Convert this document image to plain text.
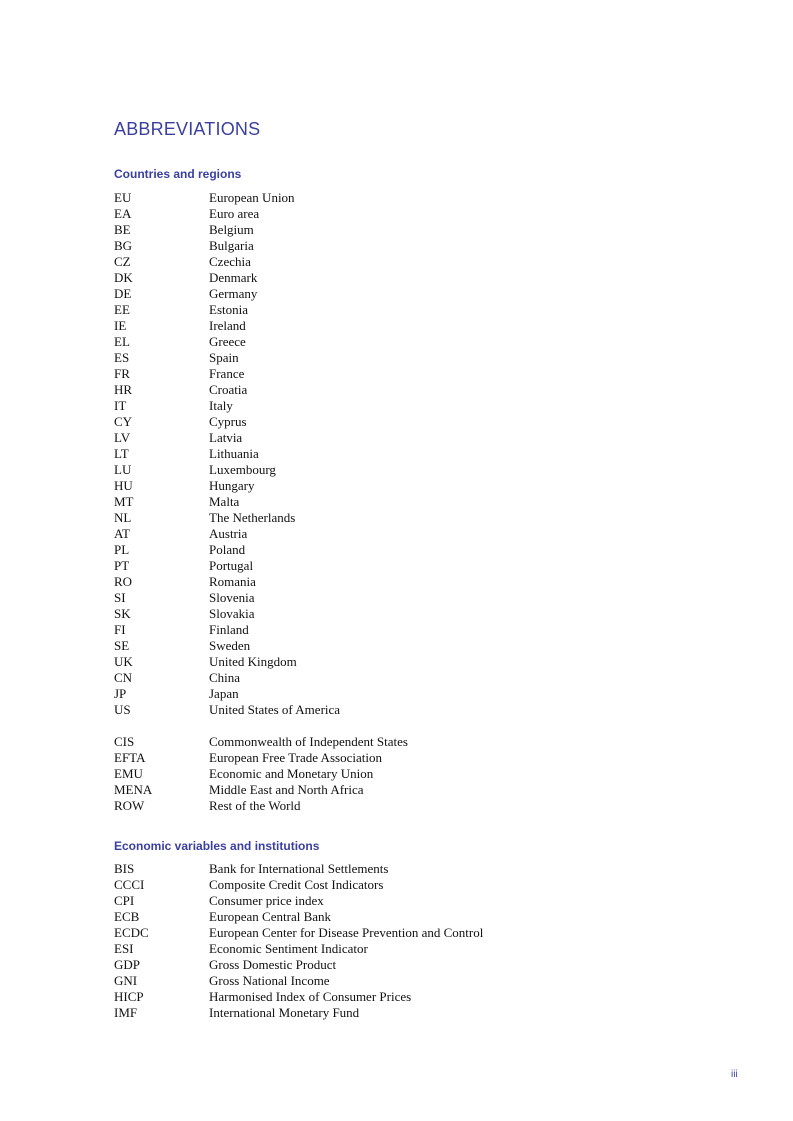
ABBREVIATIONS
Countries and regions
EU	European Union
EA	Euro area
BE	Belgium
BG	Bulgaria
CZ	Czechia
DK	Denmark
DE	Germany
EE	Estonia
IE	Ireland
EL	Greece
ES	Spain
FR	France
HR	Croatia
IT	Italy
CY	Cyprus
LV	Latvia
LT	Lithuania
LU	Luxembourg
HU	Hungary
MT	Malta
NL	The Netherlands
AT	Austria
PL	Poland
PT	Portugal
RO	Romania
SI	Slovenia
SK	Slovakia
FI	Finland
SE	Sweden
UK	United Kingdom
CN	China
JP	Japan
US	United States of America
CIS	Commonwealth of Independent States
EFTA	European Free Trade Association
EMU	Economic and Monetary Union
MENA	Middle East and North Africa
ROW	Rest of the World
Economic variables and institutions
BIS	Bank for International Settlements
CCCI	Composite Credit Cost Indicators
CPI	Consumer price index
ECB	European Central Bank
ECDC	European Center for Disease Prevention and Control
ESI	Economic Sentiment Indicator
GDP	Gross Domestic Product
GNI	Gross National Income
HICP	Harmonised Index of Consumer Prices
IMF	International Monetary Fund
iii
